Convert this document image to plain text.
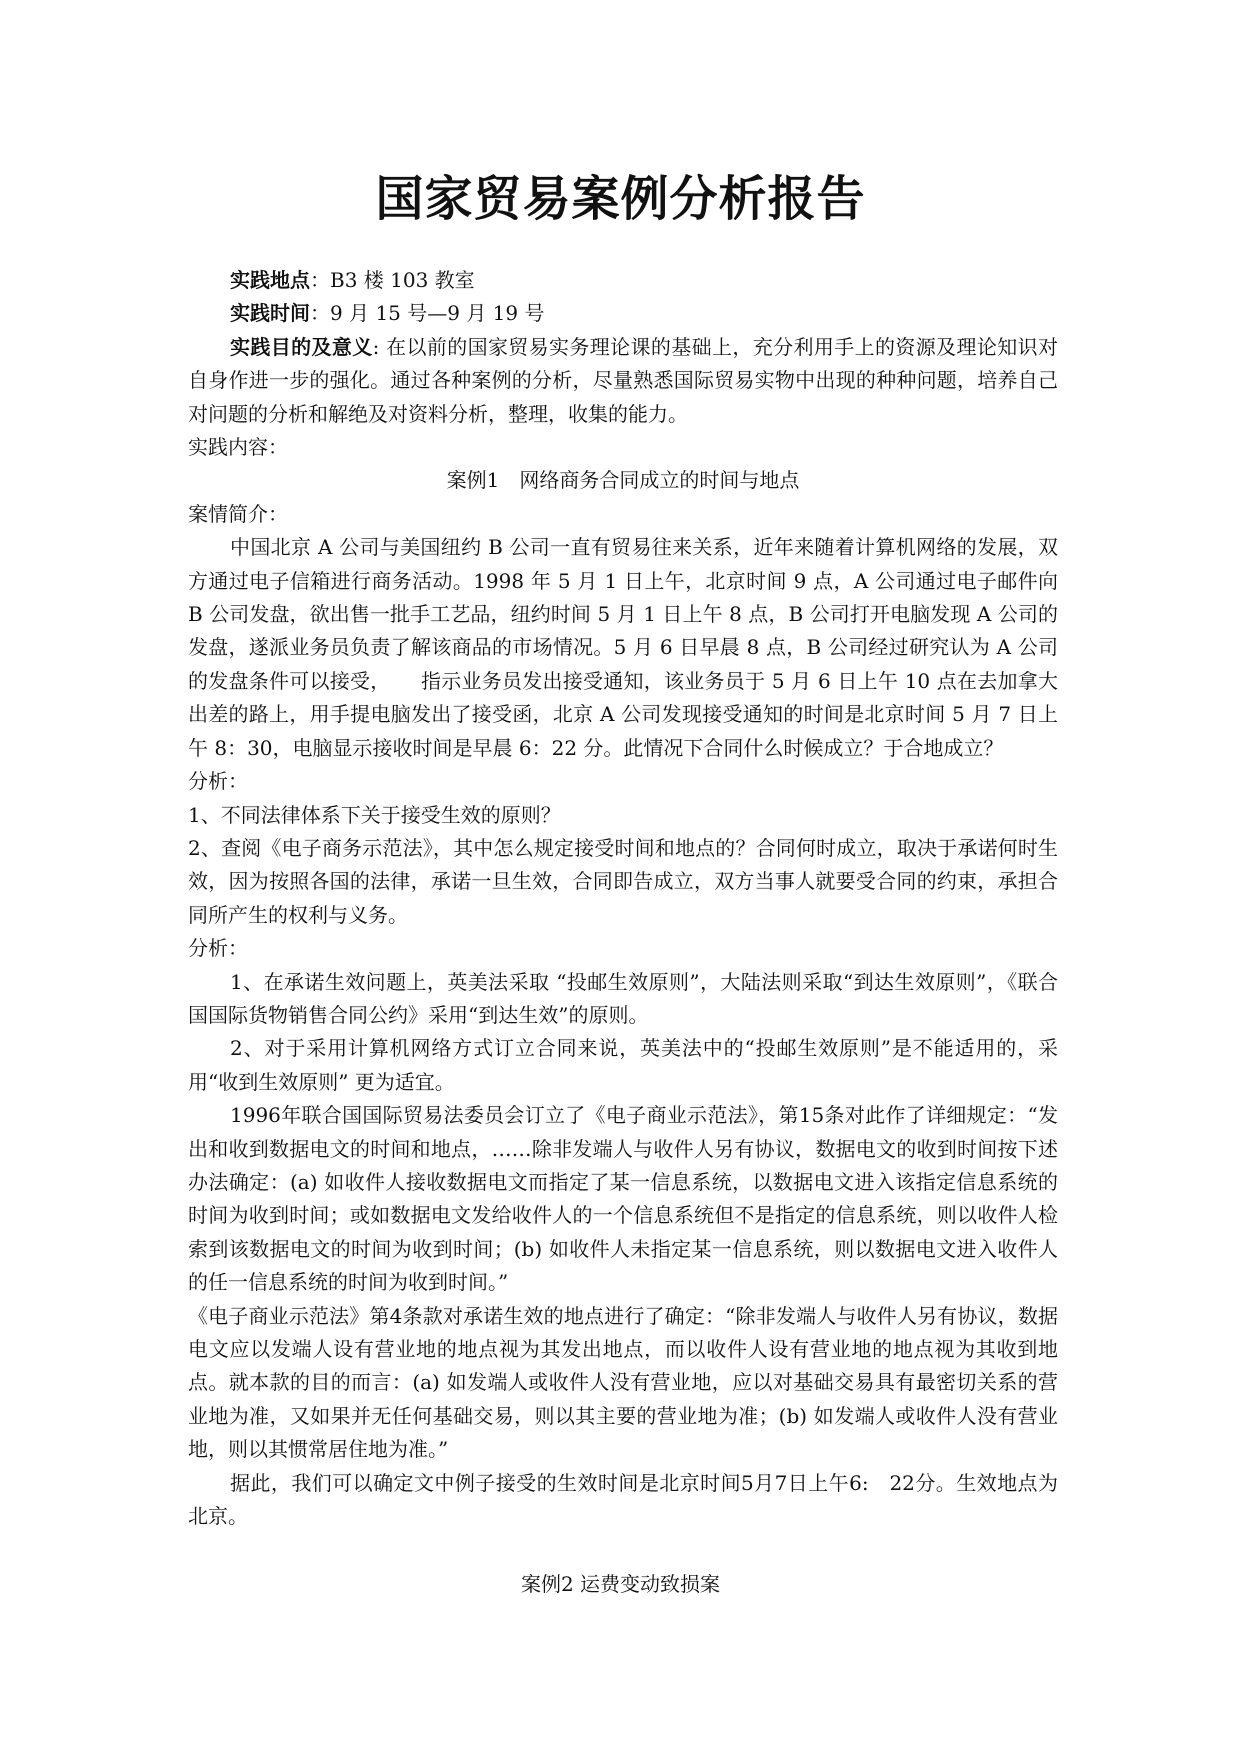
国家贸易案例分析报告

实践地点：B3 楼 103 教室

实践时间：9 月 15 号—9 月 19 号

实践目的及意义: 在以前的国家贸易实务理论课的基础上，充分利用手上的资源及理论知识对自身作进一步的强化。通过各种案例的分析，尽量熟悉国际贸易实物中出现的种种问题，培养自己对问题的分析和解绝及对资料分析，整理，收集的能力。

实践内容：

案例1　网络商务合同成立的时间与地点

案情简介：

中国北京 A 公司与美国纽约 B 公司一直有贸易往来关系，近年来随着计算机网络的发展，双方通过电子信箱进行商务活动。1998 年 5 月 1 日上午，北京时间 9 点，A 公司通过电子邮件向 B 公司发盘，欲出售一批手工艺品，纽约时间 5 月 1 日上午 8 点，B 公司打开电脑发现 A 公司的发盘，遂派业务员负责了解该商品的市场情况。5 月 6 日早晨 8 点，B 公司经过研究认为 A 公司的发盘条件可以接受，　　指示业务员发出接受通知，该业务员于 5 月 6 日上午 10 点在去加拿大出差的路上，用手提电脑发出了接受函，北京 A 公司发现接受通知的时间是北京时间 5 月 7 日上午 8：30，电脑显示接收时间是早晨 6：22 分。此情况下合同什么时候成立？于合地成立？

分析：

1、不同法律体系下关于接受生效的原则？

2、查阅《电子商务示范法》，其中怎么规定接受时间和地点的？合同何时成立，取决于承诺何时生效，因为按照各国的法律，承诺一旦生效，合同即告成立，双方当事人就要受合同的约束，承担合同所产生的权利与义务。

分析：

1、在承诺生效问题上，英美法采取 “投邮生效原则”，大陆法则采取“到达生效原则”，《联合国国际货物销售合同公约》采用“到达生效”的原则。

2、对于采用计算机网络方式订立合同来说，英美法中的“投邮生效原则”是不能适用的，采用“收到生效原则” 更为适宜。

1996年联合国国际贸易法委员会订立了《电子商业示范法》，第15条对此作了详细规定：“发出和收到数据电文的时间和地点，……除非发端人与收件人另有协议，数据电文的收到时间按下述办法确定：(a) 如收件人接收数据电文而指定了某一信息系统，以数据电文进入该指定信息系统的时间为收到时间；或如数据电文发给收件人的一个信息系统但不是指定的信息系统，则以收件人检索到该数据电文的时间为收到时间；(b) 如收件人未指定某一信息系统，则以数据电文进入收件人的任一信息系统的时间为收到时间。”

《电子商业示范法》第4条款对承诺生效的地点进行了确定：“除非发端人与收件人另有协议，数据电文应以发端人设有营业地的地点视为其发出地点，而以收件人设有营业地的地点视为其收到地点。就本款的目的而言：(a) 如发端人或收件人没有营业地，应以对基础交易具有最密切关系的营业地为准，又如果并无任何基础交易，则以其主要的营业地为准；(b) 如发端人或收件人没有营业地，则以其惯常居住地为准。”

据此，我们可以确定文中例子接受的生效时间是北京时间5月7日上午6:　22分。生效地点为北京。

案例2 运费变动致损案
